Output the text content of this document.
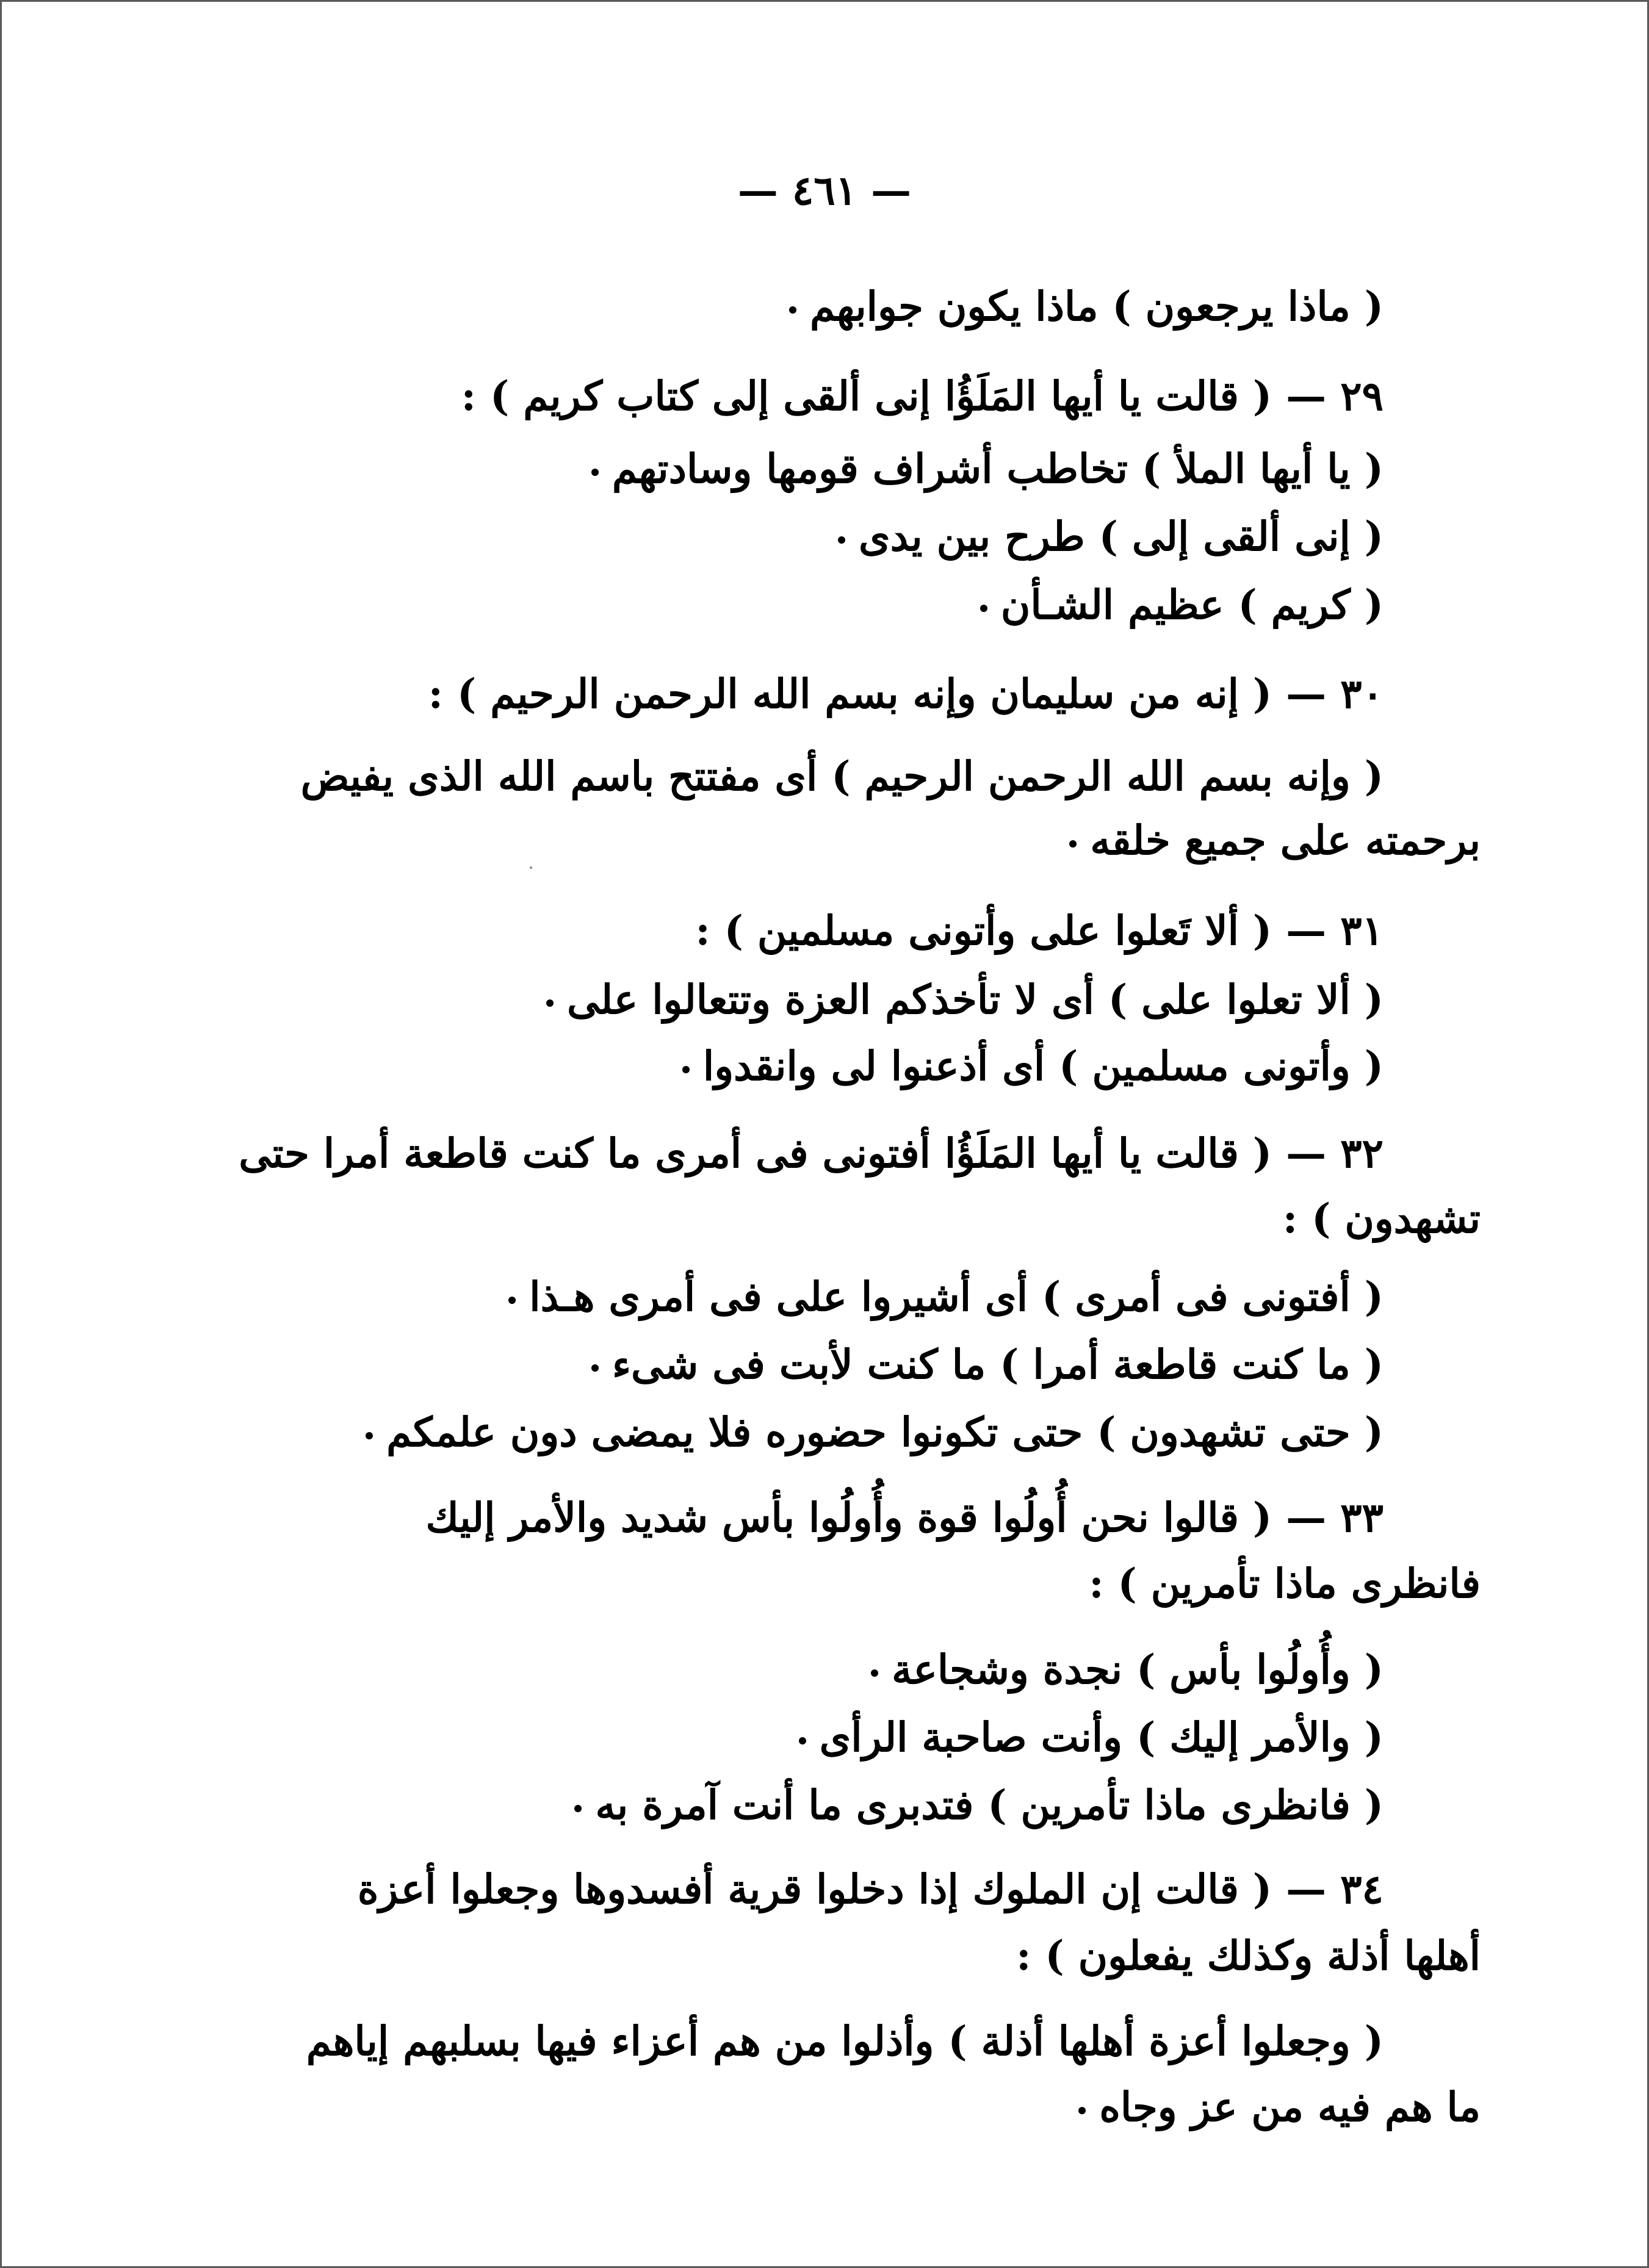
— ٤٦١ —
( ماذا يرجعون ) ماذا يكون جوابهم
٢٩ — ( قالت يا أيها المَلَؤُا إنى ألقى إلى كتاب كريم ) :
( يا أيها الملأ ) تخاطب أشراف قومها وسادتهم
( إنى ألقى إلى ) طرح بين يدى
( كريم ) عظيم الشـأن
٣٠ — ( إنه من سليمان وإنه بسم الله الرحمن الرحيم ) :
( وإنه بسم الله الرحمن الرحيم ) أى مفتتح باسم الله الذى يفيض
برحمته على جميع خلقه
٣١ — ( ألا تَعلوا على وأتونى مسلمين ) :
( ألا تعلوا على ) أى لا تأخذكم العزة وتتعالوا على
( وأتونى مسلمين ) أى أذعنوا لى وانقدوا
٣٢ — ( قالت يا أيها المَلَؤُا أفتونى فى أمرى ما كنت قاطعة أمرا حتى
تشهدون ) :
( أفتونى فى أمرى ) أى أشيروا على فى أمرى هـذا
( ما كنت قاطعة أمرا ) ما كنت لأبت فى شىء
( حتى تشهدون ) حتى تكونوا حضوره فلا يمضى دون علمكم
٣٣ — ( قالوا نحن أُولُوا قوة وأُولُوا بأس شديد والأمر إليك
فانظرى ماذا تأمرين ) :
( وأُولُوا بأس ) نجدة وشجاعة
( والأمر إليك ) وأنت صاحبة الرأى
( فانظرى ماذا تأمرين ) فتدبرى ما أنت آمرة به
٣٤ — ( قالت إن الملوك إذا دخلوا قرية أفسدوها وجعلوا أعزة
أهلها أذلة وكذلك يفعلون ) :
( وجعلوا أعزة أهلها أذلة ) وأذلوا من هم أعزاء فيها بسلبهم إياهم
ما هم فيه من عز وجاه
